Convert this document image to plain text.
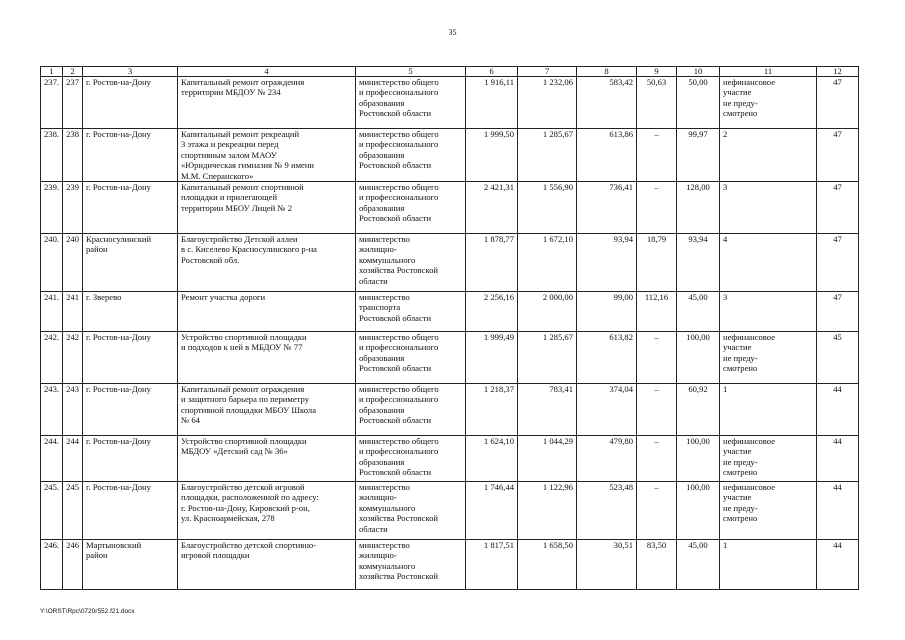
35
1	2	3	4	5	6	7	8	9	10	11	12
237.	237	г. Ростов-на-Дону	Капитальный ремонт ограждения
территории МБДОУ № 234	министерство общего
и профессионального
образования
Ростовской области	1 916,11	1 232,06	583,42	50,63	50,00	нефинансовое
участие
не преду-
смотрено	47
238.	238	г. Ростов-на-Дону	Капитальный ремонт рекреаций
3 этажа и рекреации перед
спортивным залом МАОУ
«Юридическая гимназия № 9 имени
М.М. Сперанского»	министерство общего
и профессионального
образования
Ростовской области	1 999,50	1 285,67	613,86	–	99,97	2	47
239.	239	г. Ростов-на-Дону	Капитальный ремонт спортивной
площадки и прилегающей
территории МБОУ Лицей № 2	министерство общего
и профессионального
образования
Ростовской области	2 421,31	1 556,90	736,41	–	128,00	3	47
240.	240	Красносулинский
район	Благоустройство Детской аллеи
в с. Киселево Красносулинского р-на
Ростовской обл.	министерство
жилищно-
коммунального
хозяйства Ростовской
области	1 878,77	1 672,10	93,94	18,79	93,94	4	47
241.	241	г. Зверево	Ремонт участка дороги	министерство
транспорта
Ростовской области	2 256,16	2 000,00	99,00	112,16	45,00	3	47
242.	242	г. Ростов-на-Дону	Устройство спортивной площадки
и подходов к ней в МБДОУ № 77	министерство общего
и профессионального
образования
Ростовской области	1 999,49	1 285,67	613,82	–	100,00	нефинансовое
участие
не преду-
смотрено	45
243.	243	г. Ростов-на-Дону	Капитальный ремонт ограждения
и защитного барьера по периметру
спортивной площадки МБОУ Школа
№ 64	министерство общего
и профессионального
образования
Ростовской области	1 218,37	783,41	374,04	–	60,92	1	44
244.	244	г. Ростов-на-Дону	Устройство спортивной площадки
МБДОУ «Детский сад № 36»	министерство общего
и профессионального
образования
Ростовской области	1 624,10	1 044,29	479,80	–	100,00	нефинансовое
участие
не преду-
смотрено	44
245.	245	г. Ростов-на-Дону	Благоустройство детской игровой
площадки, расположенной по адресу:
г. Ростов-на-Дону, Кировский р-он,
ул. Красноармейская, 278	министерство
жилищно-
коммунального
хозяйства Ростовской
области	1 746,44	1 122,96	523,48	–	100,00	нефинансовое
участие
не преду-
смотрено	44
246.	246	Мартыновский
район	Благоустройство детской спортивно-
игровой площадки	министерство
жилищно-
коммунального
хозяйства Ростовской	1 817,51	1 658,50	30,51	83,50	45,00	1	44
Y:\ORST\Rpc\0720r552.f21.docx
